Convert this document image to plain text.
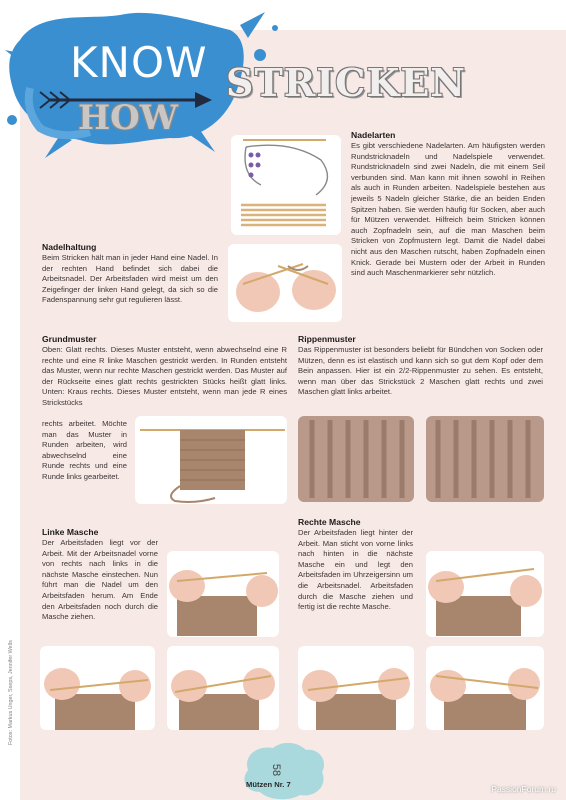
KNOW
HOW
STRICKEN
Nadelarten
Es gibt verschiedene Nadelarten. Am häufigsten werden Rundstricknadeln und Nadelspiele verwendet. Rundstricknadeln sind zwei Nadeln, die mit einem Seil verbunden sind. Man kann mit ihnen sowohl in Reihen als auch in Runden arbeiten. Nadelspiele bestehen aus jeweils 5 Nadeln gleicher Stärke, die an beiden Enden Spitzen haben. Sie werden häufig für Socken, aber auch für Mützen verwendet. Hilfreich beim Stricken können auch Zopfnadeln sein, auf die man Maschen beim Stricken von Zopfmustern legt. Damit die Nadel dabei nicht aus den Maschen rutscht, haben Zopfnadeln einen Knick. Gerade bei Mustern oder der Arbeit in Runden sind auch Maschenmarkierer sehr nützlich.
Nadelhaltung
Beim Stricken hält man in jeder Hand eine Nadel. In der rechten Hand befindet sich dabei die Arbeitsnadel. Der Arbeitsfaden wird meist um den Zeigefinger der linken Hand gelegt, da sich so die Fadenspannung sehr gut regulieren lässt.
Grundmuster
Oben: Glatt rechts. Dieses Muster entsteht, wenn abwechselnd eine R rechte und eine R linke Maschen gestrickt werden. In Runden entsteht das Muster, wenn nur rechte Maschen gestrickt werden. Das Muster auf der Rückseite eines glatt rechts gestrickten Stücks heißt glatt links. Unten: Kraus rechts. Dieses Muster entsteht, wenn man jede R eines Strickstücks
rechts arbeitet. Möchte man das Muster in Runden arbeiten, wird abwechselnd eine Runde rechts und eine Runde links gearbeitet.
Rippenmuster
Das Rippenmuster ist besonders beliebt für Bündchen von Socken oder Mützen, denn es ist elastisch und kann sich so gut dem Kopf oder dem Bein anpassen. Hier ist ein 2/2-Rippenmuster zu sehen. Es entsteht, wenn man über das Strickstück 2 Maschen glatt rechts und zwei Maschen glatt links arbeitet.
Linke Masche
Der Arbeitsfaden liegt vor der Arbeit. Mit der Arbeitsnadel vorne von rechts nach links in die nächste Masche einstechen. Nun führt man die Nadel um den Arbeitsfaden herum. Am Ende den Arbeitsfaden noch durch die Masche ziehen.
Rechte Masche
Der Arbeitsfaden liegt hinter der Arbeit. Man sticht von vorne links nach hinten in die nächste Masche ein und legt den Arbeitsfaden im Uhrzeigersinn um die Arbeitsnadel. Arbeitsfaden durch die Masche ziehen und fertig ist die rechte Masche.
Fotos: Markus Unger, Sseps, Jennifer Wells
58
Mützen Nr. 7	PassionForum.ru
